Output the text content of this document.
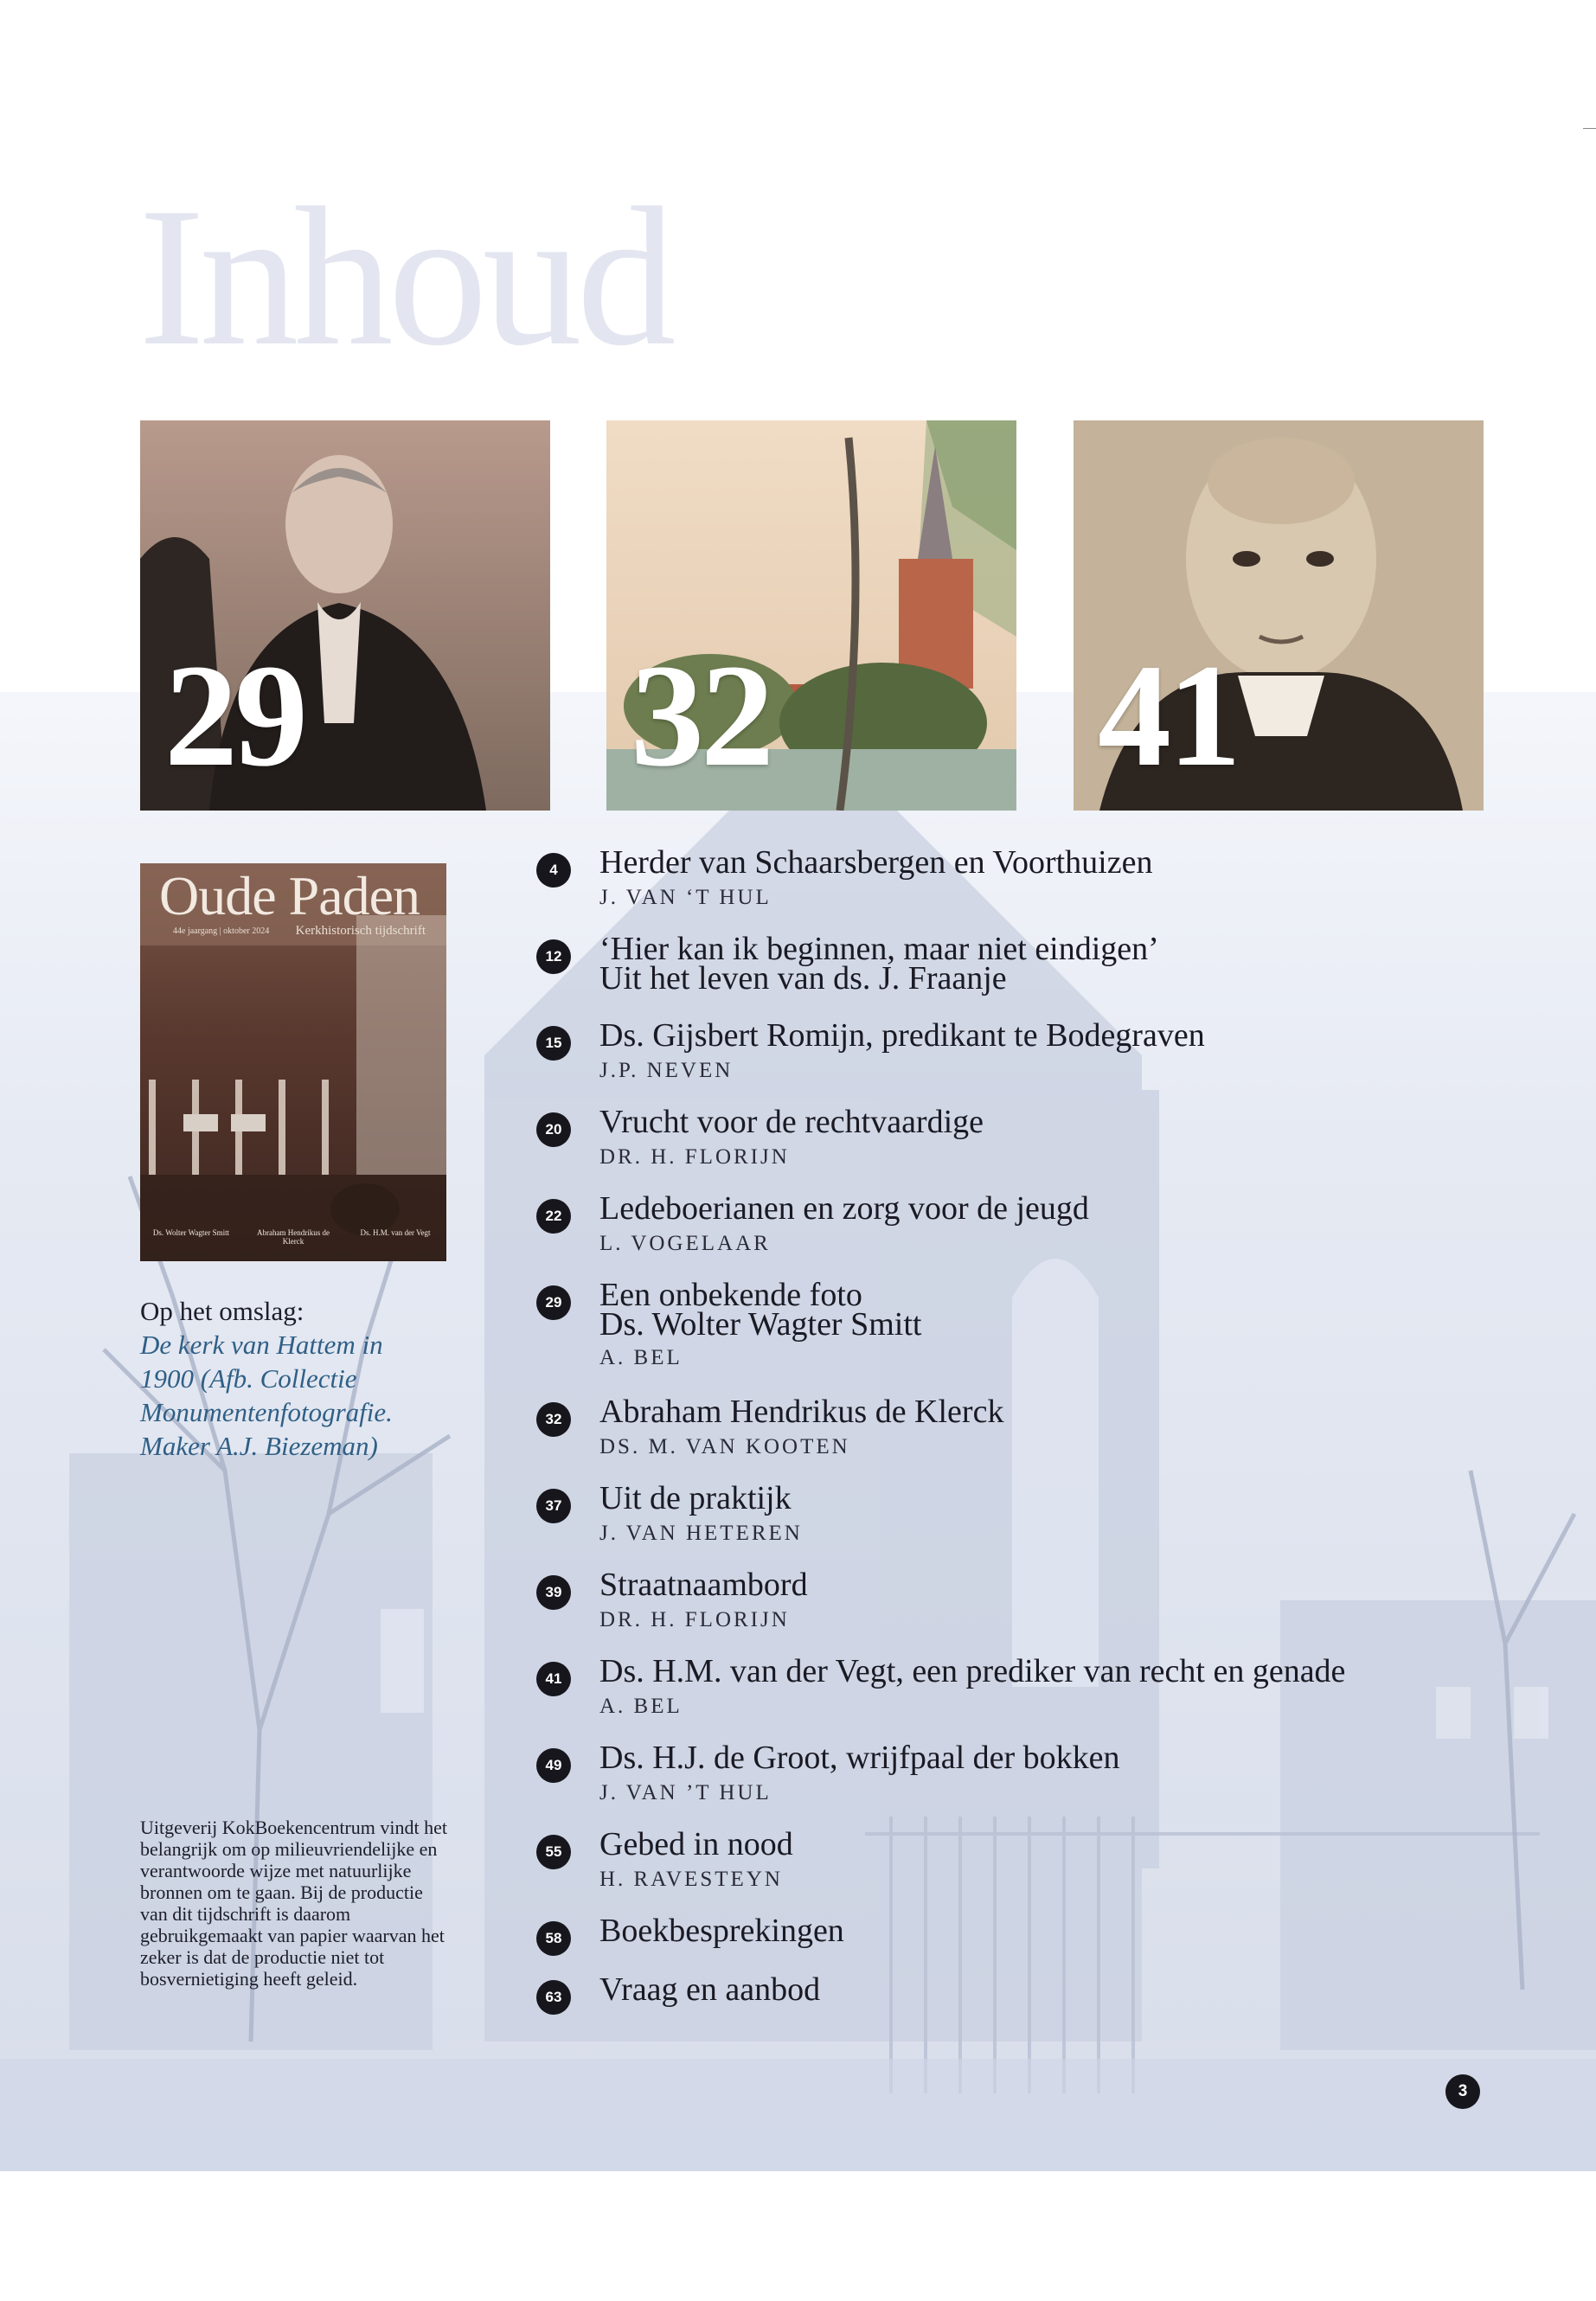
Inhoud
29 32 41
Oude Paden
44e jaargang | oktober 2024 Kerkhistorisch tijdschrift
Ds. Wolter Wagter Smitt	Abraham Hendrikus de Klerck
Ds. H.M. van der Vegt
Op het omslag:
De kerk van Hattem in 1900 (Afb. Collectie Monumentenfotografie. Maker A.J. Biezeman)
Uitgeverij KokBoekencentrum vindt het belangrijk om op milieuvriendelijke en verantwoorde wijze met natuurlijke bronnen om te gaan. Bij de productie van dit tijdschrift is daarom gebruikgemaakt van papier waarvan het zeker is dat de productie niet tot bosvernietiging heeft geleid.
4	Herder van Schaarsbergen en Voorthuizen
J. VAN ‘T HUL
12 ‘Hier kan ik beginnen, maar niet eindigen’
Uit het leven van ds. J. Fraanje
15 Ds. Gijsbert Romijn, predikant te Bodegraven
J.P. NEVEN
20 Vrucht voor de rechtvaardige
DR. H. FLORIJN
22 Ledeboerianen en zorg voor de jeugd
L. VOGELAAR
29 Een onbekende foto
Ds. Wolter Wagter Smitt
A. BEL
32 Abraham Hendrikus de Klerck
DS. M. VAN KOOTEN
37 Uit de praktijk
J. VAN HETEREN
39 Straatnaambord
DR. H. FLORIJN
41 Ds. H.M. van der Vegt, een prediker van recht en genade
A. BEL
49 Ds. H.J. de Groot, wrijfpaal der bokken
J. VAN ’T HUL
55 Gebed in nood
H. RAVESTEYN
58 Boekbesprekingen
63 Vraag en aanbod
3
